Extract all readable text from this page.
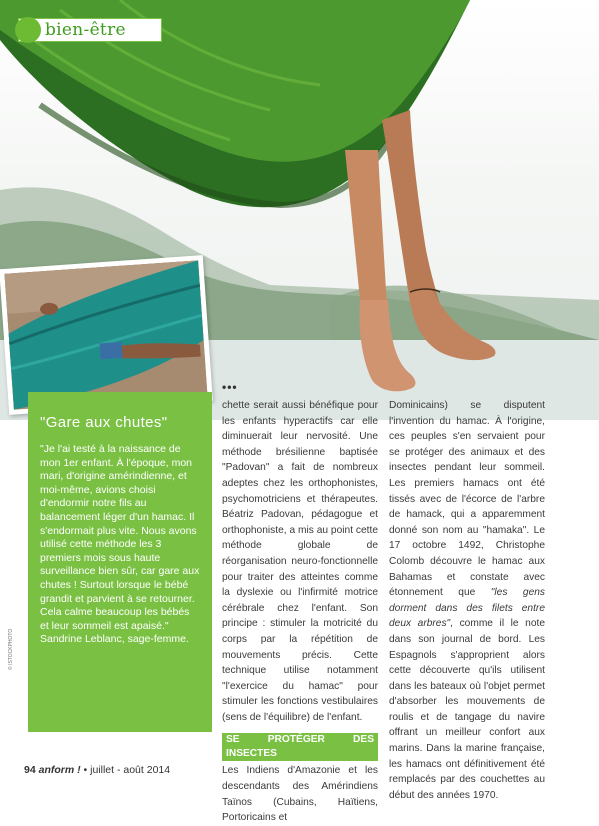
bien-être
"Gare aux chutes"

"Je l'ai testé à la naissance de mon 1er enfant. À l'époque, mon mari, d'origine amérindienne, et moi-même, avions choisi d'endormir notre fils au balancement léger d'un hamac. Il s'endormait plus vite. Nous avons utilisé cette méthode les 3 premiers mois sous haute surveillance bien sûr, car gare aux chutes ! Surtout lorsque le bébé grandit et parvient à se retourner. Cela calme beaucoup les bébés et leur sommeil est apaisé."

Sandrine Leblanc, sage-femme.

© ISTOCKPHOTO
•••

chette serait aussi bénéfique pour les enfants hyperactifs car elle diminuerait leur nervosité. Une méthode brésilienne baptisée "Padovan" a fait de nombreux adeptes chez les orthophonistes, psychomotriciens et thérapeutes. Béatriz Padovan, pédagogue et orthophoniste, a mis au point cette méthode globale de réorganisation neuro-fonctionnelle pour traiter des atteintes comme la dyslexie ou l'infirmité motrice cérébrale chez l'enfant. Son principe : stimuler la motricité du corps par la répétition de mouvements précis. Cette technique utilise notamment "l'exercice du hamac" pour stimuler les fonctions vestibulaires (sens de l'équilibre) de l'enfant.

SE PROTÉGER DES INSECTES

Les Indiens d'Amazonie et les descendants des Amérindiens Taïnos (Cubains, Haïtiens, Portoricains et

Dominicains) se disputent l'invention du hamac. À l'origine, ces peuples s'en servaient pour se protéger des animaux et des insectes pendant leur sommeil. Les premiers hamacs ont été tissés avec de l'écorce de l'arbre de hamack, qui a apparemment donné son nom au "hamaka". Le 17 octobre 1492, Christophe Colomb découvre le hamac aux Bahamas et constate avec étonnement que "les gens dorment dans des filets entre deux arbres", comme il le note dans son journal de bord. Les Espagnols s'approprient alors cette découverte qu'ils utilisent dans les bateaux où l'objet permet d'absorber les mouvements de roulis et de tangage du navire offrant un meilleur confort aux marins. Dans la marine française, les hamacs ont définitivement été remplacés par des couchettes au début des années 1970.

94 anform ! • juillet - août 2014
